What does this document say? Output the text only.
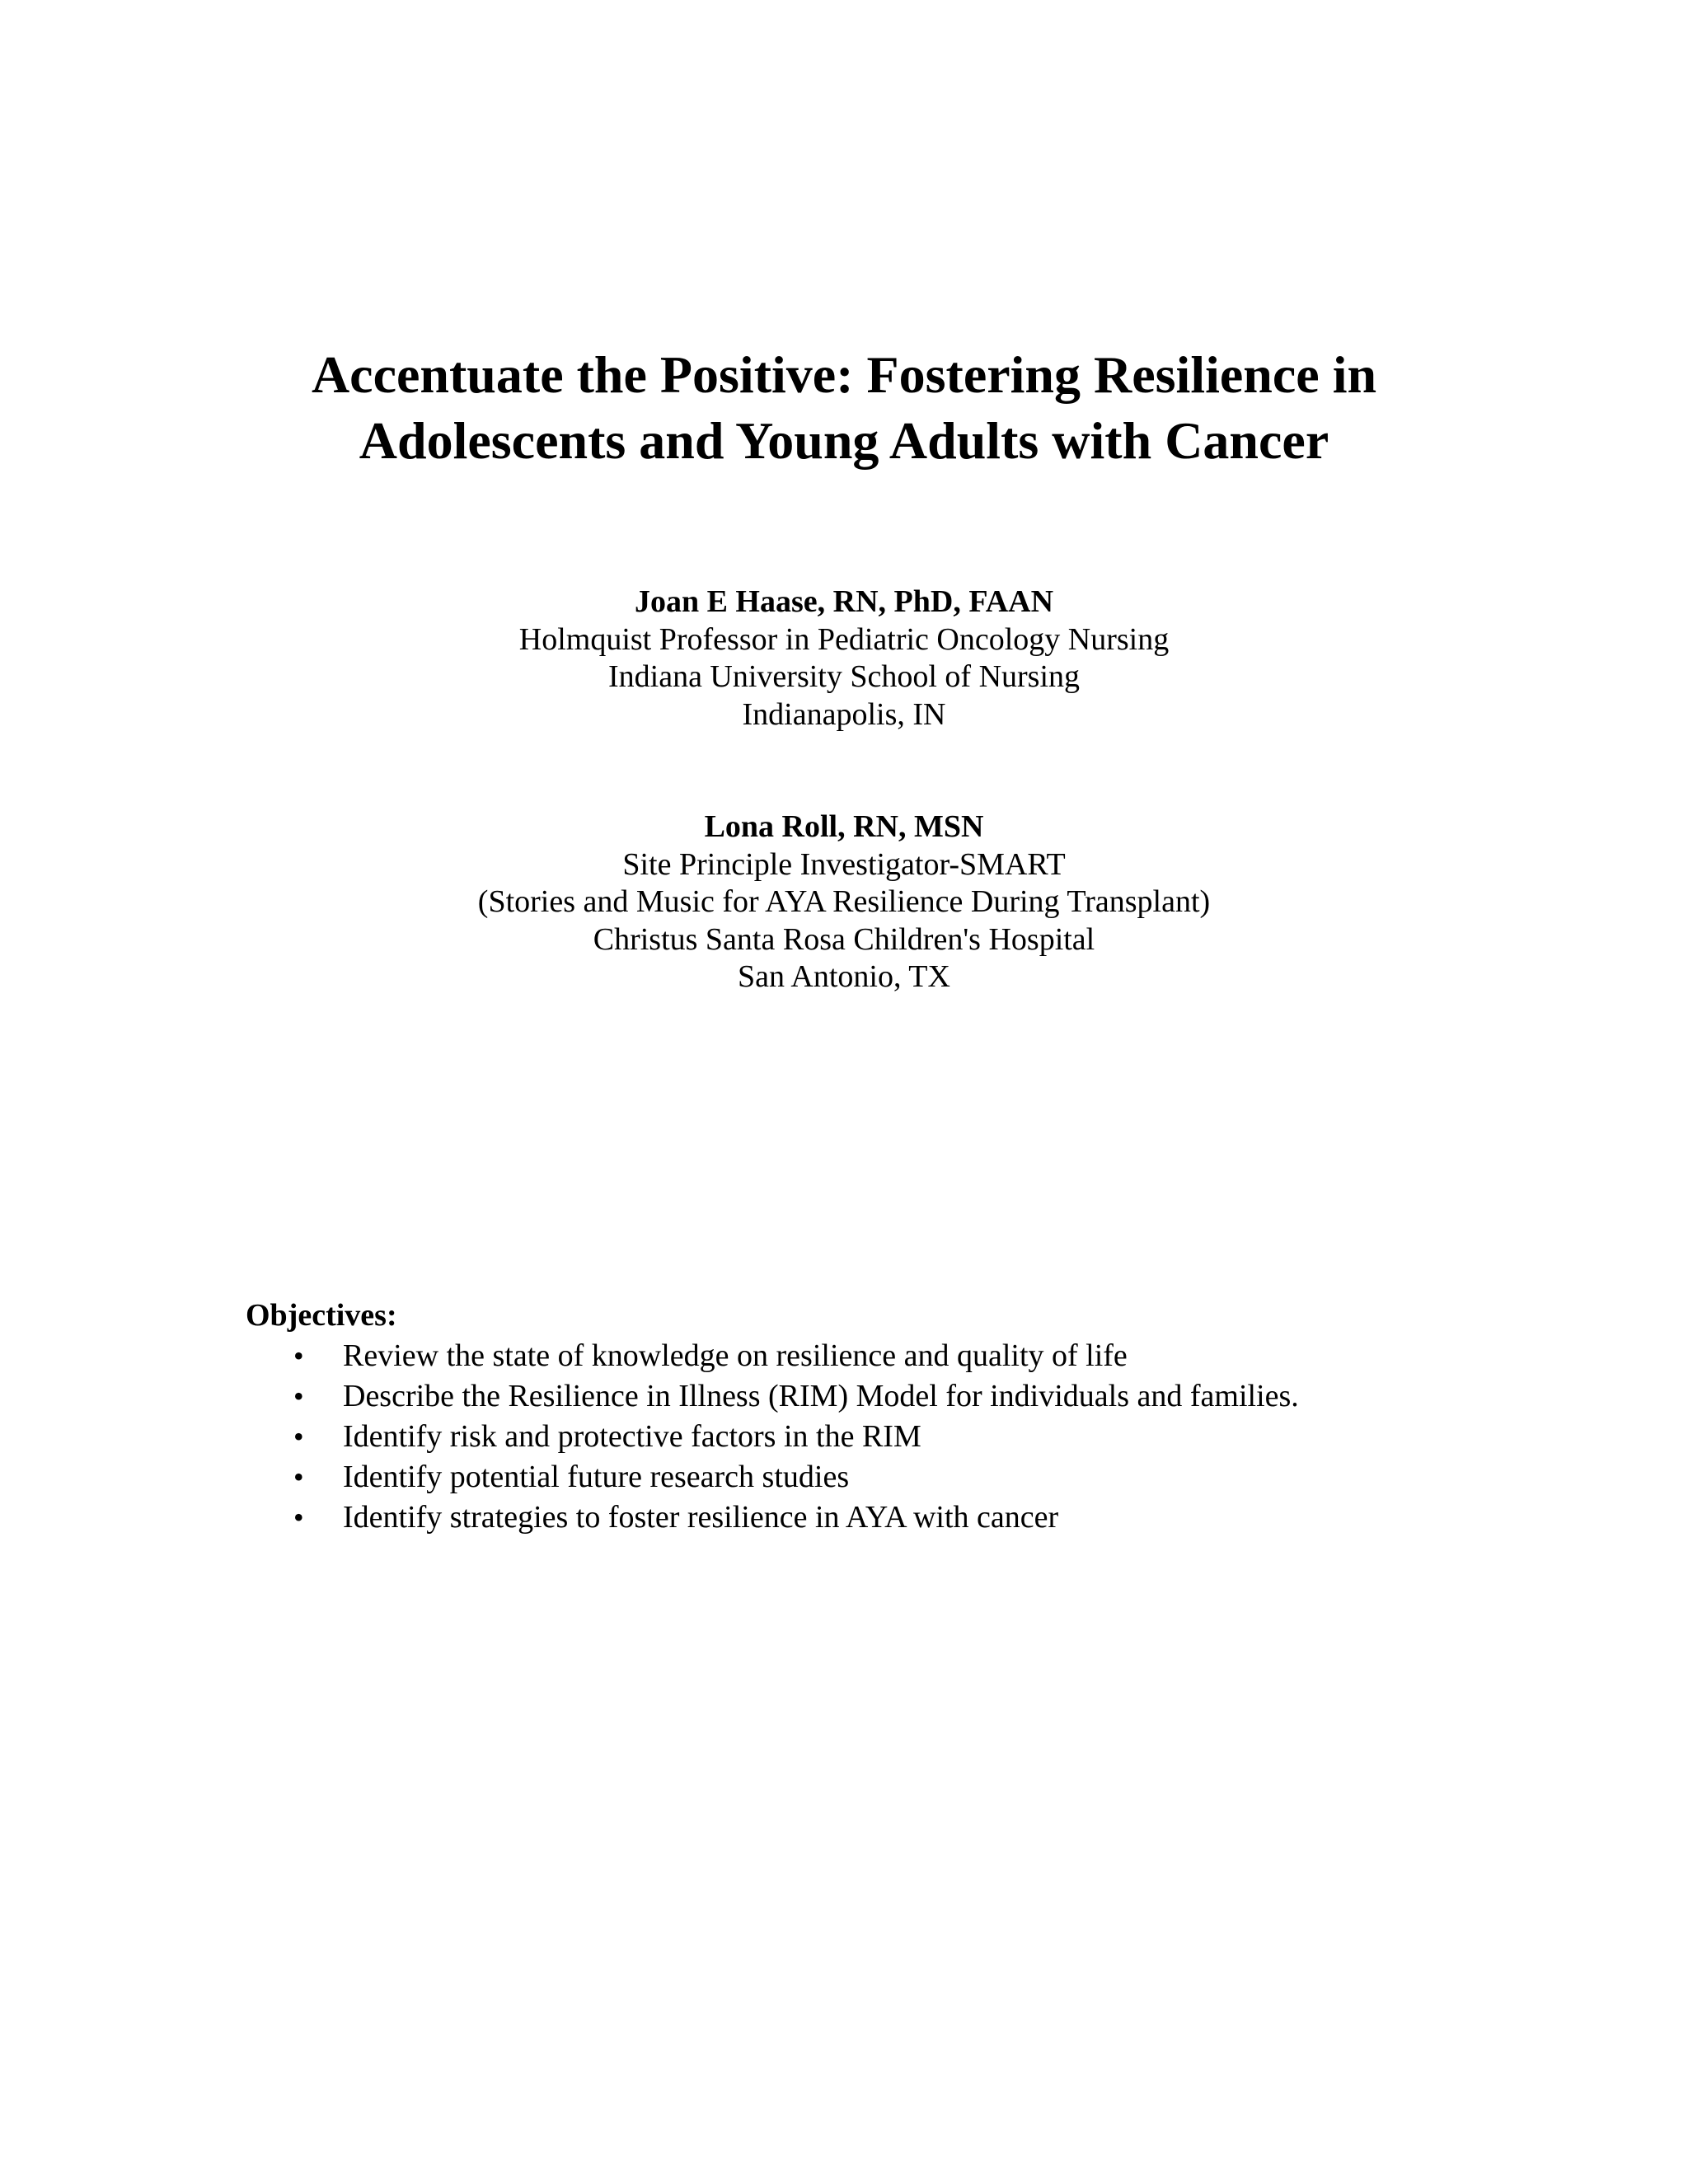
Accentuate the Positive: Fostering Resilience in
Adolescents and Young Adults with Cancer
Joan E Haase, RN, PhD, FAAN
Holmquist Professor in Pediatric Oncology Nursing
Indiana University School of Nursing
Indianapolis, IN
Lona Roll, RN, MSN
Site Principle Investigator-SMART
(Stories and Music for AYA Resilience During Transplant)
Christus Santa Rosa Children's Hospital
San Antonio, TX
Objectives:
• Review the state of knowledge on resilience and quality of life
• Describe the Resilience in Illness (RIM) Model for individuals and families.
• Identify risk and protective factors in the RIM
• Identify potential future research studies
• Identify strategies to foster resilience in AYA with cancer
